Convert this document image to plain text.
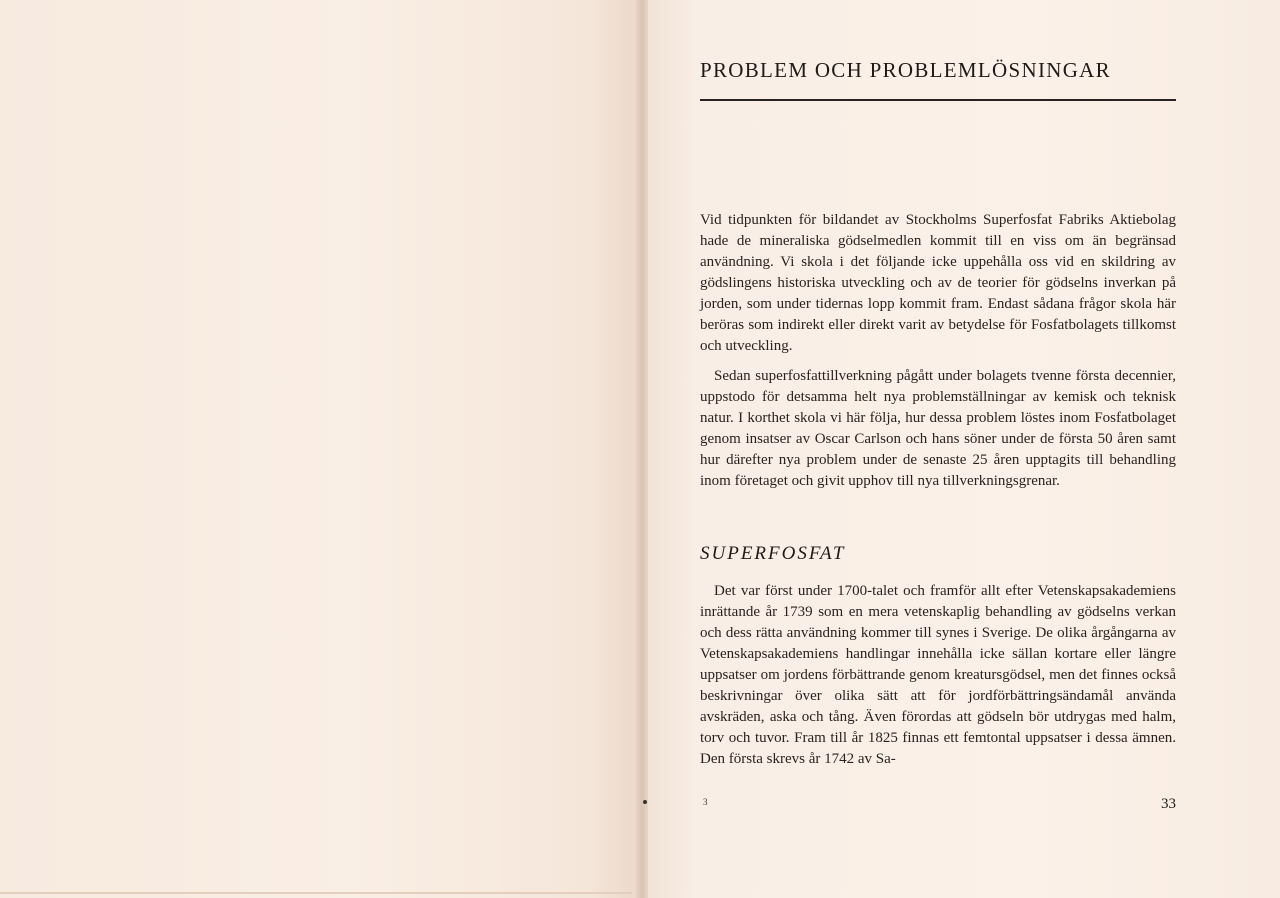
PROBLEM OCH PROBLEMLÖSNINGAR

Vid tidpunkten för bildandet av Stockholms Superfosfat Fabriks Aktiebolag hade de mineraliska gödselmedlen kommit till en viss om än begränsad användning. Vi skola i det följande icke uppehålla oss vid en skildring av gödslingens historiska utveckling och av de teorier för gödselns inverkan på jorden, som under tidernas lopp kommit fram. Endast sådana frågor skola här beröras som indirekt eller direkt varit av betydelse för Fosfatbolagets tillkomst och utveckling.

Sedan superfosfattillverkning pågått under bolagets tvenne första decennier, uppstodo för detsamma helt nya problemställningar av kemisk och teknisk natur. I korthet skola vi här följa, hur dessa problem löstes inom Fosfatbolaget genom insatser av Oscar Carlson och hans söner under de första 50 åren samt hur därefter nya problem under de senaste 25 åren upptagits till behandling inom företaget och givit upphov till nya tillverkningsgrenar.

SUPERFOSFAT

Det var först under 1700-talet och framför allt efter Vetenskapsakademiens inrättande år 1739 som en mera vetenskaplig behandling av gödselns verkan och dess rätta användning kommer till synes i Sverige. De olika årgångarna av Vetenskapsakademiens handlingar innehålla icke sällan kortare eller längre uppsatser om jordens förbättrande genom kreatursgödsel, men det finnes också beskrivningar över olika sätt att för jordförbättringsändamål använda avskräden, aska och tång. Även förordas att gödseln bör utdrygas med halm, torv och tuvor. Fram till år 1825 finnas ett femtontal uppsatser i dessa ämnen. Den första skrevs år 1742 av Sa-

3	33
